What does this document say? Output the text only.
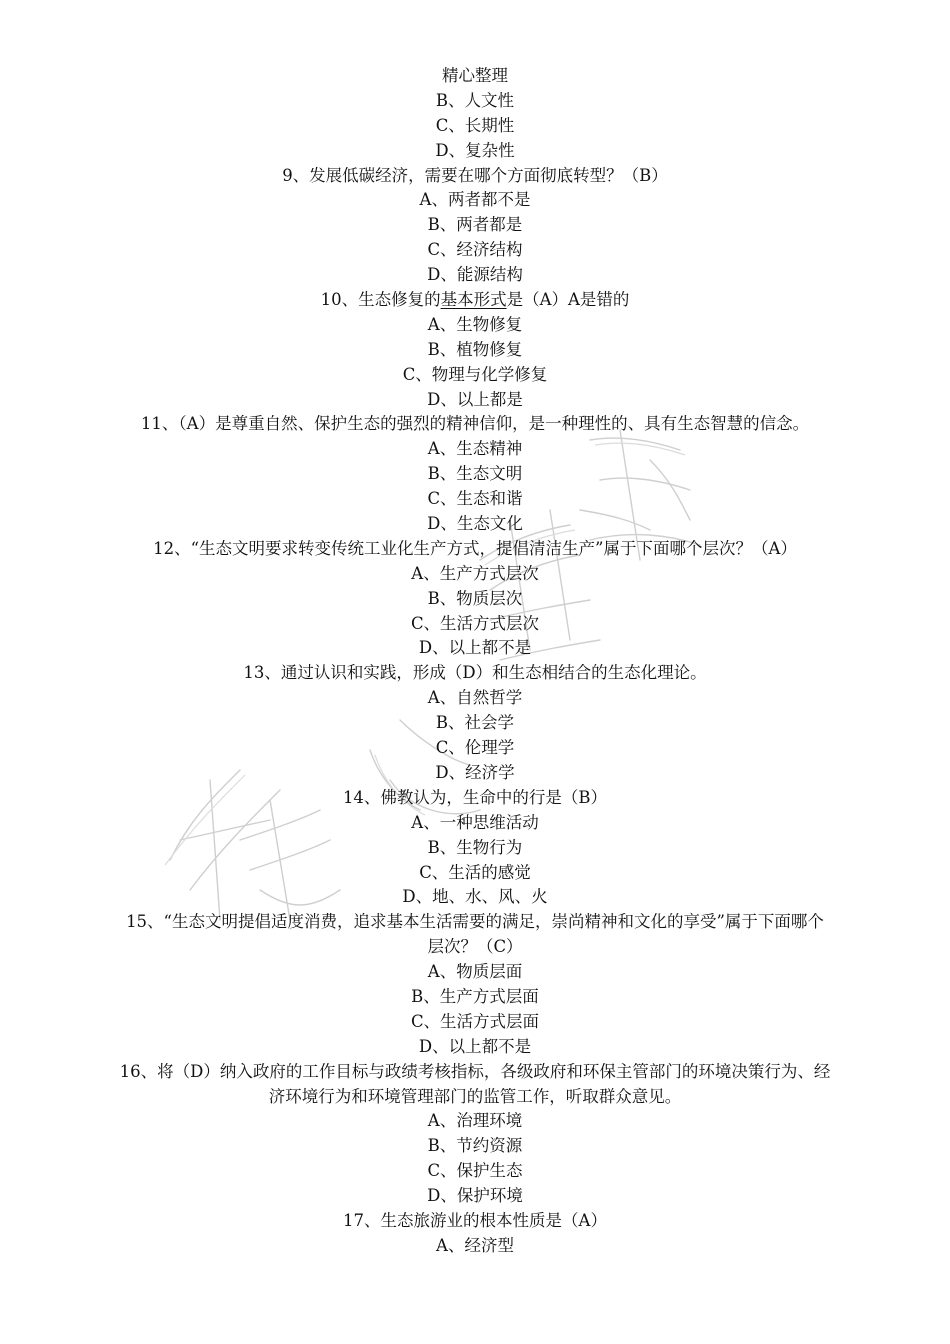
精心整理

B、人文性

C、长期性

D、复杂性

9、发展低碳经济，需要在哪个方面彻底转型？（B）

A、两者都不是

B、两者都是

C、经济结构

D、能源结构

10、生态修复的基本形式是（A）A是错的

A、生物修复

B、植物修复

C、物理与化学修复

D、以上都是

11、（A）是尊重自然、保护生态的强烈的精神信仰，是一种理性的、具有生态智慧的信念。

A、生态精神

B、生态文明

C、生态和谐

D、生态文化

12、“生态文明要求转变传统工业化生产方式，提倡清洁生产”属于下面哪个层次？（A）

A、生产方式层次

B、物质层次

C、生活方式层次

D、以上都不是

13、通过认识和实践，形成（D）和生态相结合的生态化理论。

A、自然哲学

B、社会学

C、伦理学

D、经济学

14、佛教认为，生命中的行是（B）

A、一种思维活动

B、生物行为

C、生活的感觉

D、地、水、风、火

15、“生态文明提倡适度消费，追求基本生活需要的满足，崇尚精神和文化的享受”属于下面哪个

层次？（C）

A、物质层面

B、生产方式层面

C、生活方式层面

D、以上都不是

16、将（D）纳入政府的工作目标与政绩考核指标，各级政府和环保主管部门的环境决策行为、经

济环境行为和环境管理部门的监管工作，听取群众意见。

A、治理环境

B、节约资源

C、保护生态

D、保护环境

17、生态旅游业的根本性质是（A）

A、经济型
